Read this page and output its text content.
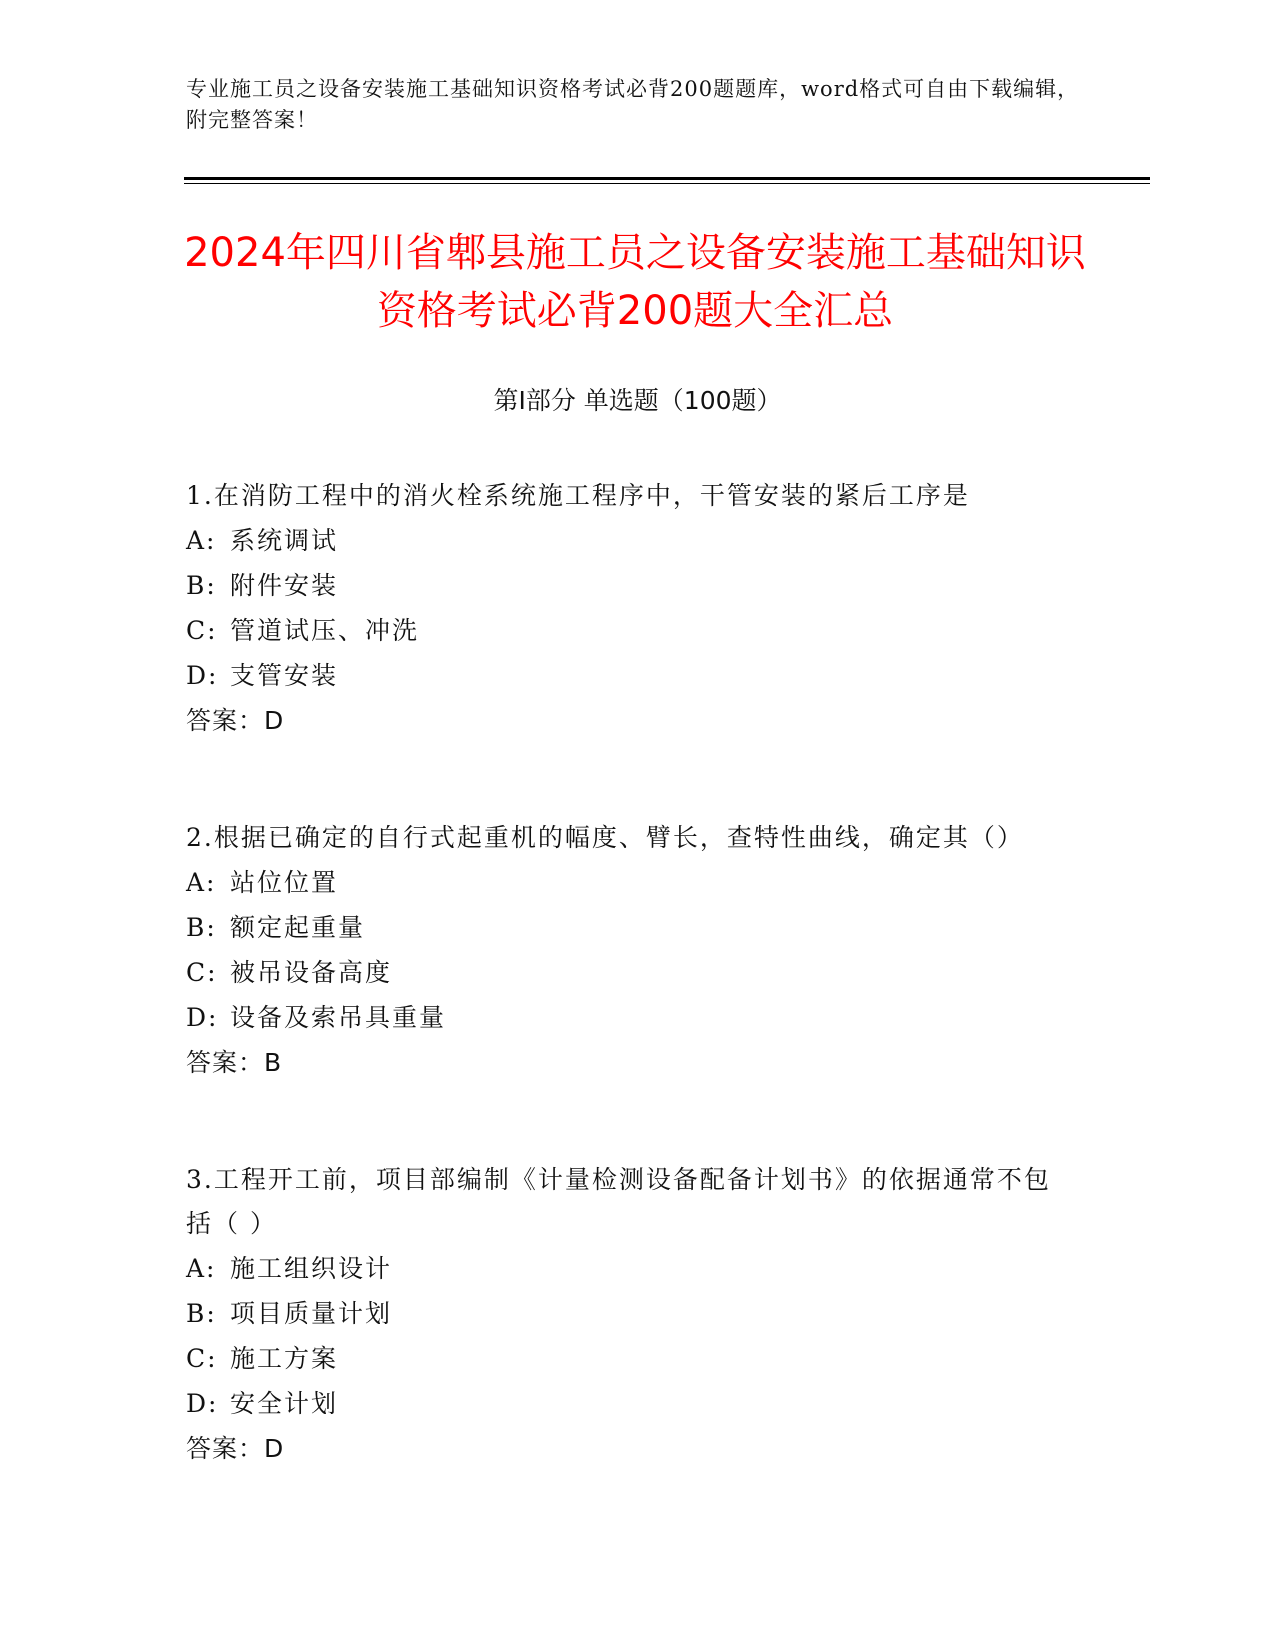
专业施工员之设备安装施工基础知识资格考试必背200题题库，word格式可自由下载编辑，附完整答案！
2024年四川省郫县施工员之设备安装施工基础知识资格考试必背200题大全汇总
第I部分 单选题（100题）

1.在消防工程中的消火栓系统施工程序中，干管安装的紧后工序是

A: 系统调试

B: 附件安装

C: 管道试压、冲洗

D: 支管安装

答案：D

2.根据已确定的自行式起重机的幅度、臂长，查特性曲线，确定其（）

A: 站位位置

B: 额定起重量

C: 被吊设备高度

D: 设备及索吊具重量

答案：B

3.工程开工前，项目部编制《计量检测设备配备计划书》的依据通常不包括（ ）

A: 施工组织设计

B: 项目质量计划

C: 施工方案

D: 安全计划

答案：D
